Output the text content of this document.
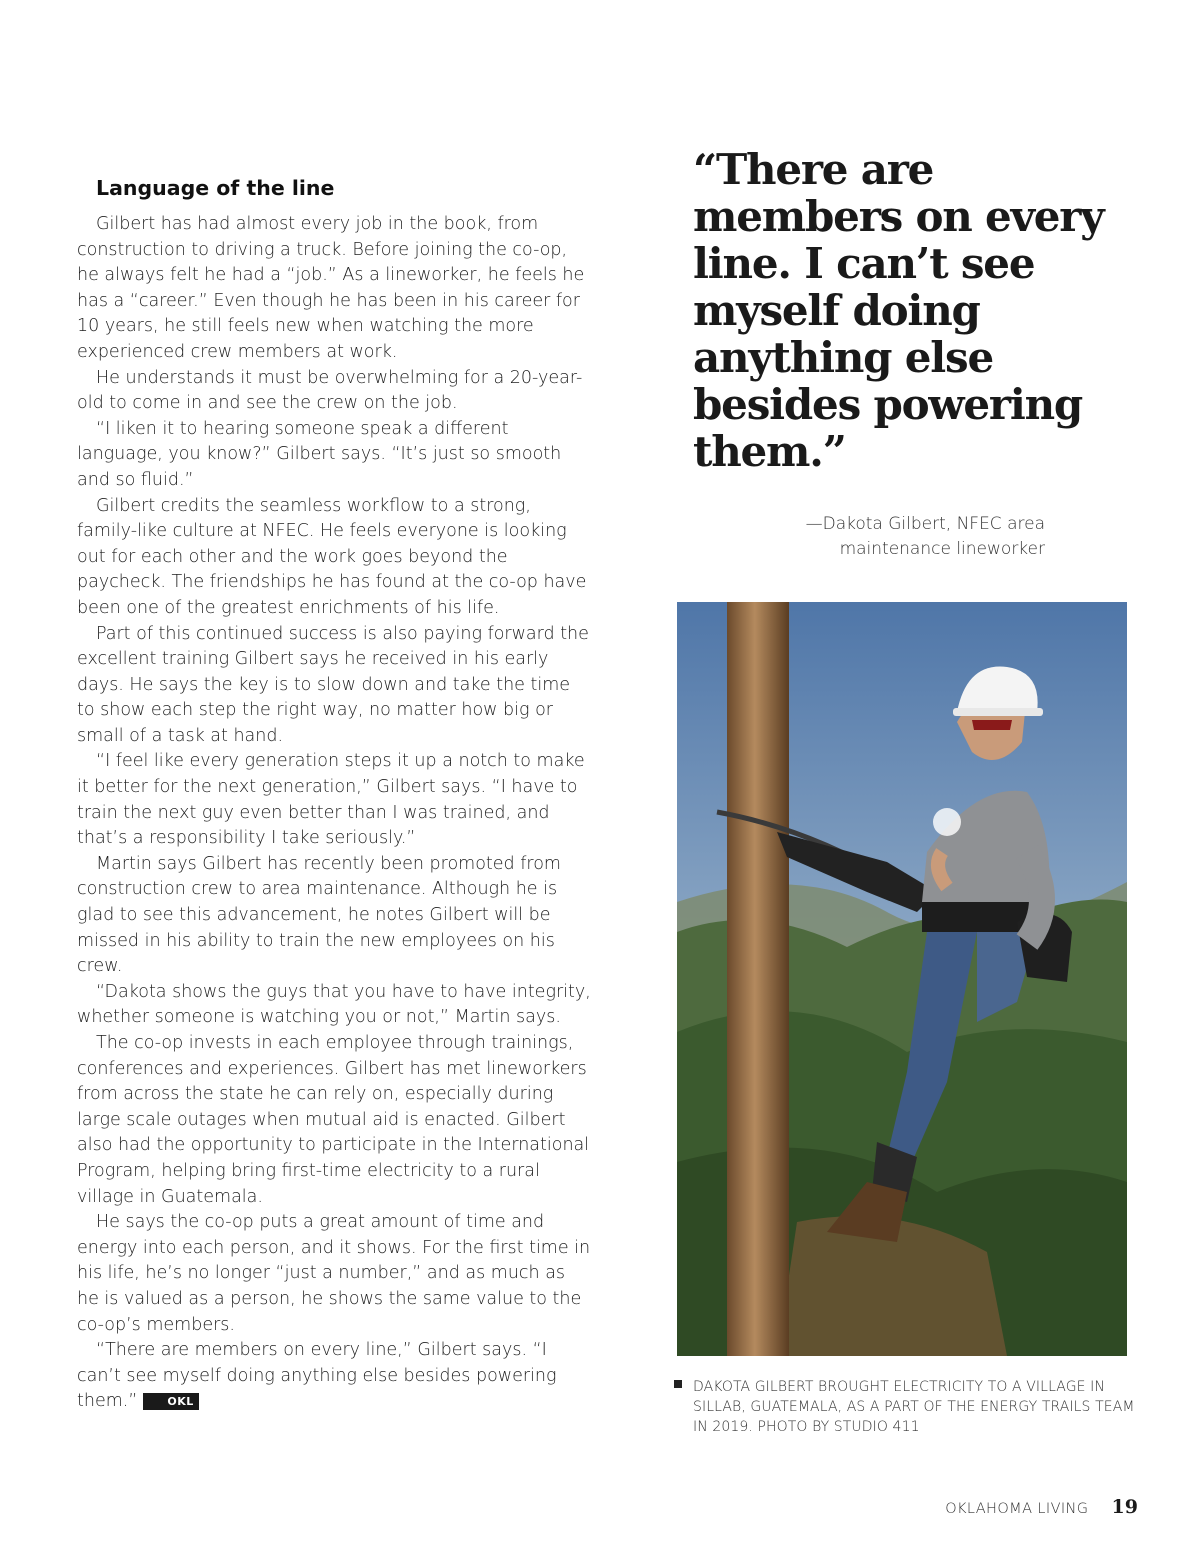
Language of the line

Gilbert has had almost every job in the book, from construction to driving a truck. Before joining the co-op, he always felt he had a “job.” As a lineworker, he feels he has a “career.” Even though he has been in his career for 10 years, he still feels new when watching the more experienced crew members at work.

He understands it must be overwhelming for a 20-year-old to come in and see the crew on the job.

“I liken it to hearing someone speak a different language, you know?” Gilbert says. “It’s just so smooth and so fluid.”

Gilbert credits the seamless workflow to a strong, family-like culture at NFEC. He feels everyone is looking out for each other and the work goes beyond the paycheck. The friendships he has found at the co-op have been one of the greatest enrichments of his life.

Part of this continued success is also paying forward the excellent training Gilbert says he received in his early days. He says the key is to slow down and take the time to show each step the right way, no matter how big or small of a task at hand.

“I feel like every generation steps it up a notch to make it better for the next generation,” Gilbert says. “I have to train the next guy even better than I was trained, and that’s a responsibility I take seriously.”

Martin says Gilbert has recently been promoted from construction crew to area maintenance. Although he is glad to see this advancement, he notes Gilbert will be missed in his ability to train the new employees on his crew.

“Dakota shows the guys that you have to have integrity, whether someone is watching you or not,” Martin says.

The co-op invests in each employee through trainings, conferences and experiences. Gilbert has met lineworkers from across the state he can rely on, especially during large scale outages when mutual aid is enacted. Gilbert also had the opportunity to participate in the International Program, helping bring first-time electricity to a rural village in Guatemala.

He says the co-op puts a great amount of time and energy into each person, and it shows. For the first time in his life, he’s no longer “just a number,” and as much as he is valued as a person, he shows the same value to the co-op’s members.

“There are members on every line,” Gilbert says. “I can’t see myself doing anything else besides powering them.”	OKL

“There are members on every line. I can’t see myself doing anything else besides powering them.”

—Dakota Gilbert, NFEC area
maintenance lineworker
DAKOTA GILBERT BROUGHT ELECTRICITY TO A VILLAGE IN SILLAB, GUATEMALA, AS A PART OF THE ENERGY TRAILS TEAM IN 2019. PHOTO BY STUDIO 411
OKLAHOMA LIVING 19
